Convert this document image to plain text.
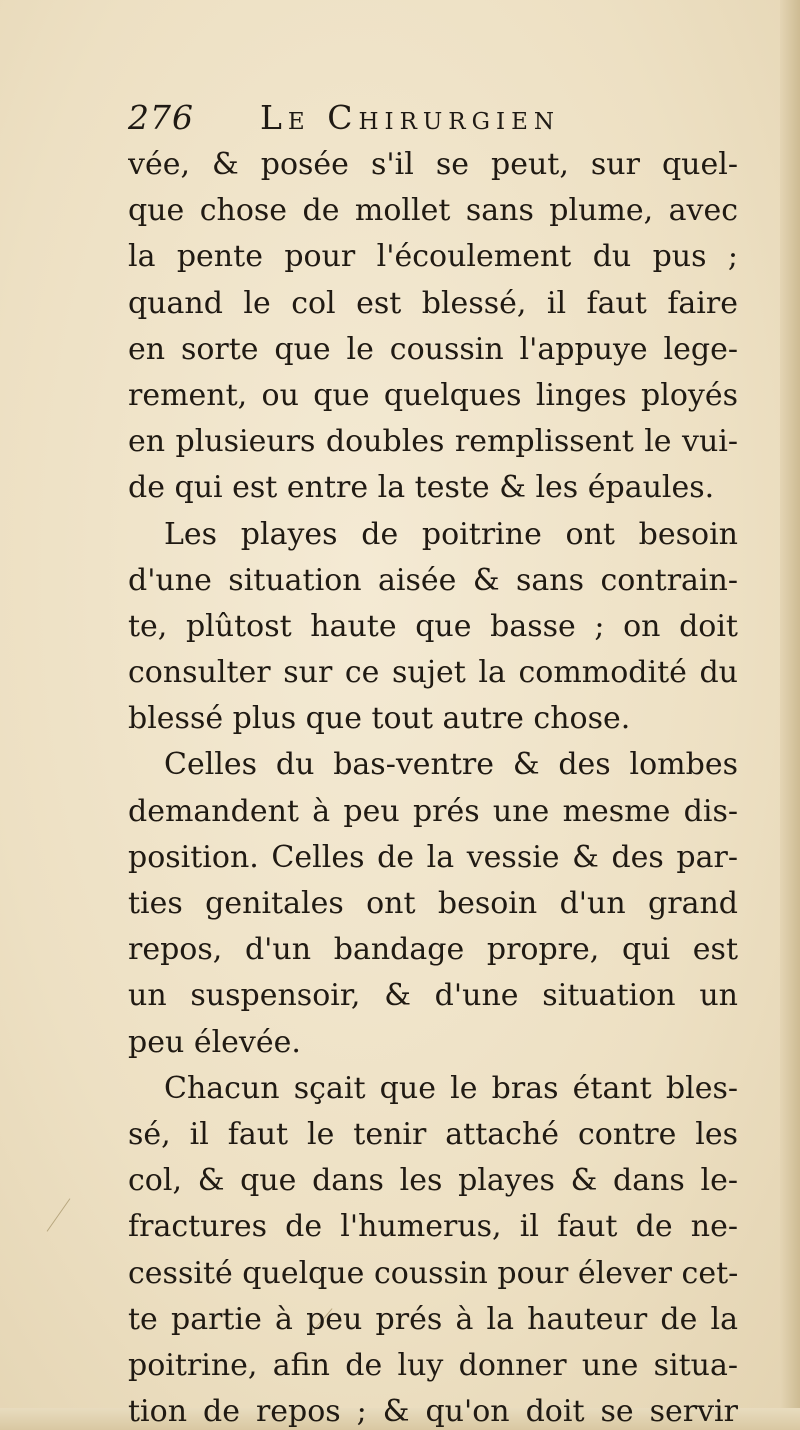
276 Le Chirurgien
vée, & posée s'il se peut, sur quel-
que chose de mollet sans plume, avec
la pente pour l'écoulement du pus ;
quand le col est blessé, il faut faire
en sorte que le coussin l'appuye lege-
rement, ou que quelques linges ployés
en plusieurs doubles remplissent le vui-
de qui est entre la teste & les épaules.
Les playes de poitrine ont besoin
d'une situation aisée & sans contrain-
te, plûtost haute que basse ; on doit
consulter sur ce sujet la commodité du
blessé plus que tout autre chose.
Celles du bas-ventre & des lombes
demandent à peu prés une mesme dis-
position. Celles de la vessie & des par-
ties genitales ont besoin d'un grand
repos, d'un bandage propre, qui est
un suspensoir, & d'une situation un
peu élevée.
Chacun sçait que le bras étant bles-
sé, il faut le tenir attaché contre les
col, & que dans les playes & dans le-
fractures de l'humerus, il faut de ne-
cessité quelque coussin pour élever cet-
te partie à peu prés à la hauteur de la
poitrine, afin de luy donner une situa-
tion de repos ; & qu'on doit se servir
